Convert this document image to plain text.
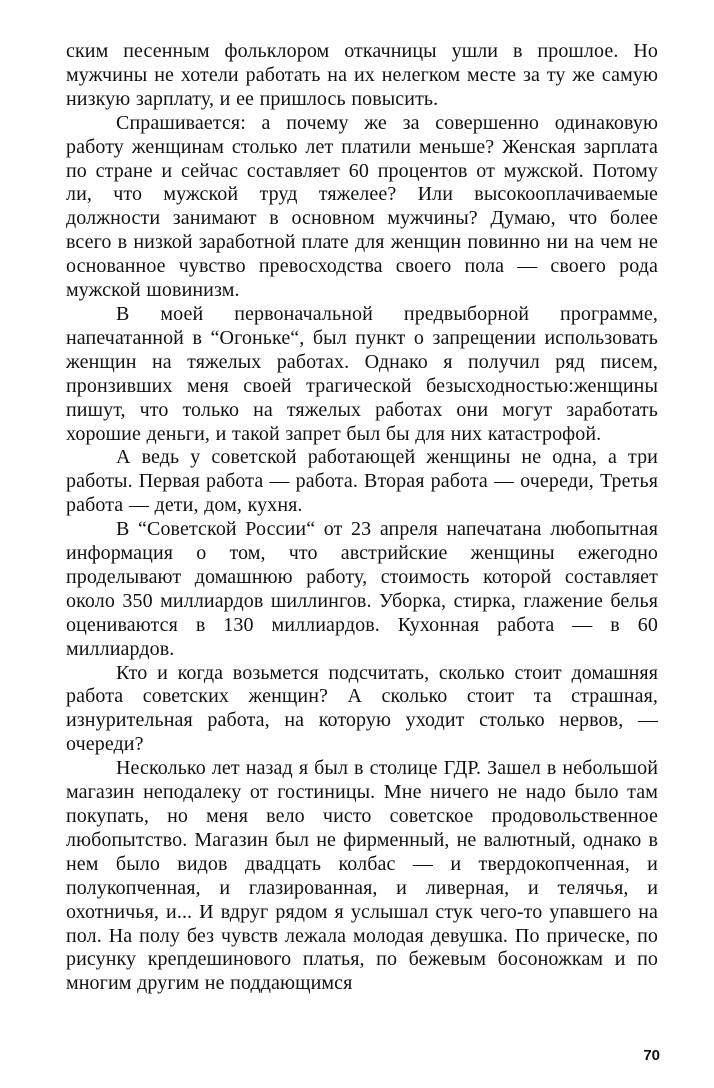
ским песенным фольклором откачницы ушли в прошлое. Но мужчины не хотели работать на их нелегком месте за ту же самую низкую зарплату, и ее пришлось повысить.

Спрашивается: а почему же за совершенно одинаковую работу женщинам столько лет платили меньше? Женская зарплата по стране и сейчас составляет 60 процентов от мужской. Потому ли, что мужской труд тяжелее? Или высокооплачиваемые должности занимают в основном мужчины? Думаю, что более всего в низкой заработной плате для женщин повинно ни на чем не основанное чувство превосходства своего пола — своего рода мужской шовинизм.

В моей первоначальной предвыборной программе, напечатанной в “Огоньке“, был пункт о запрещении использовать женщин на тяжелых работах. Однако я получил ряд писем, пронзивших меня своей трагической безысходностью:женщины пишут, что только на тяжелых работах они могут заработать хорошие деньги, и такой запрет был бы для них катастрофой.

А ведь у советской работающей женщины не одна, а три работы. Первая работа — работа. Вторая работа — очереди, Третья работа — дети, дом, кухня.

В “Советской России“ от 23 апреля напечатана любопытная информация о том, что австрийские женщины ежегодно проделывают домашнюю работу, стоимость которой составляет около 350 миллиардов шиллингов. Уборка, стирка, глажение белья оцениваются в 130 миллиардов. Кухонная работа — в 60 миллиардов.

Кто и когда возьмется подсчитать, сколько стоит домашняя работа советских женщин? А сколько стоит та страшная, изнурительная работа, на которую уходит столько нервов, — очереди?

Несколько лет назад я был в столице ГДР. Зашел в небольшой магазин неподалеку от гостиницы. Мне ничего не надо было там покупать, но меня вело чисто советское продовольственное любопытство. Магазин был не фирменный, не валютный, однако в нем было видов двадцать колбас — и твердокопченная, и полукопченная, и глазированная, и ливерная, и телячья, и охотничья, и... И вдруг рядом я услышал стук чего-то упавшего на пол. На полу без чувств лежала молодая девушка. По прическе, по рисунку крепдешинового платья, по бежевым босоножкам и по многим другим не поддающимся

70
